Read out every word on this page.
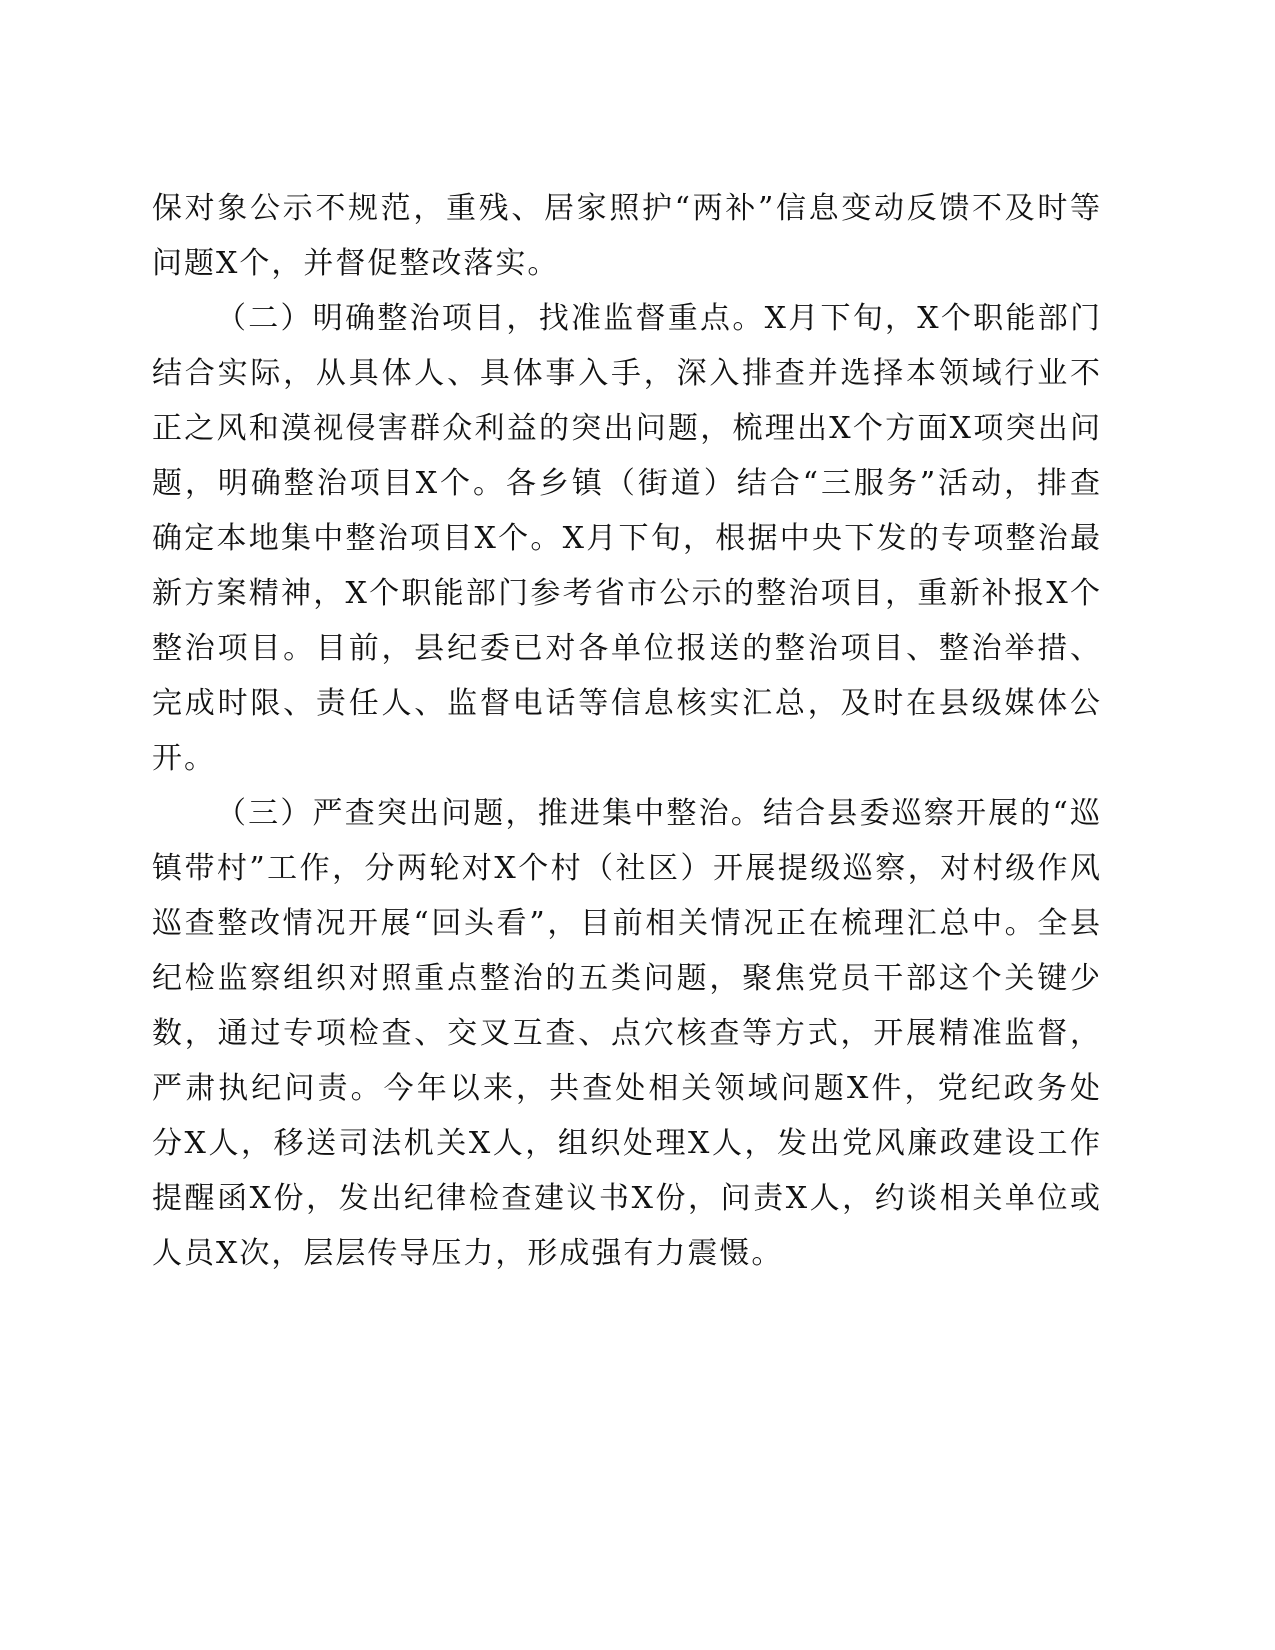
保对象公示不规范，重残、居家照护“两补”信息变动反馈不及时等问题X个，并督促整改落实。

（二）明确整治项目，找准监督重点。X月下旬，X个职能部门结合实际，从具体人、具体事入手，深入排查并选择本领域行业不正之风和漠视侵害群众利益的突出问题，梳理出X个方面X项突出问题，明确整治项目X个。各乡镇（街道）结合“三服务”活动，排查确定本地集中整治项目X个。X月下旬，根据中央下发的专项整治最新方案精神，X个职能部门参考省市公示的整治项目，重新补报X个整治项目。目前，县纪委已对各单位报送的整治项目、整治举措、完成时限、责任人、监督电话等信息核实汇总，及时在县级媒体公开。

（三）严查突出问题，推进集中整治。结合县委巡察开展的“巡镇带村”工作，分两轮对X个村（社区）开展提级巡察，对村级作风巡查整改情况开展“回头看”，目前相关情况正在梳理汇总中。全县纪检监察组织对照重点整治的五类问题，聚焦党员干部这个关键少数，通过专项检查、交叉互查、点穴核查等方式，开展精准监督，严肃执纪问责。今年以来，共查处相关领域问题X件，党纪政务处分X人，移送司法机关X人，组织处理X人，发出党风廉政建设工作提醒函X份，发出纪律检查建议书X份，问责X人，约谈相关单位或人员X次，层层传导压力，形成强有力震慑。
